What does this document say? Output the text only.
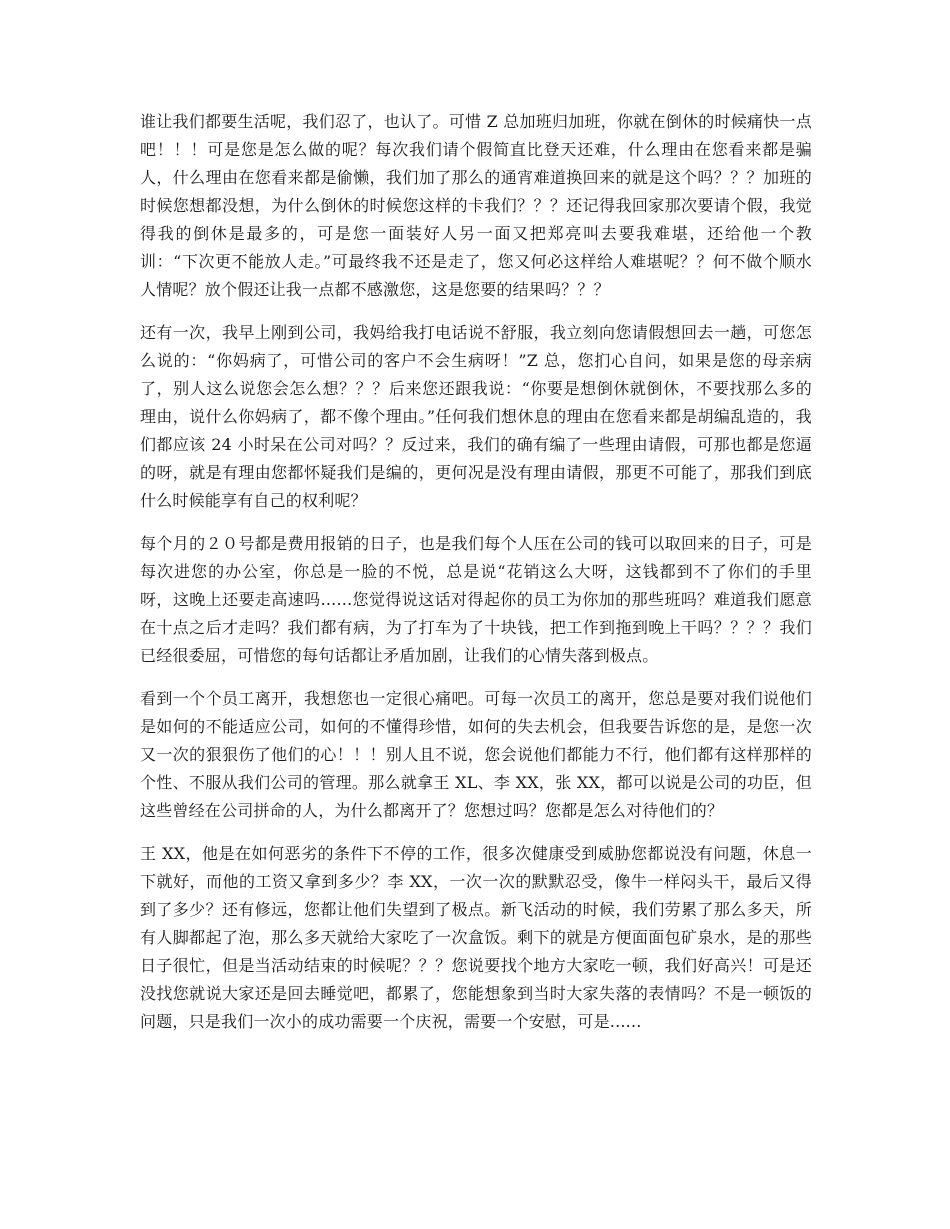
谁让我们都要生活呢，我们忍了，也认了。可惜 Z 总加班归加班，你就在倒休的时候痛快一点吧！！！可是您是怎么做的呢？每次我们请个假简直比登天还难，什么理由在您看来都是骗人，什么理由在您看来都是偷懒，我们加了那么的通宵难道换回来的就是这个吗？？？加班的时候您想都没想，为什么倒休的时候您这样的卡我们？？？还记得我回家那次要请个假，我觉得我的倒休是最多的，可是您一面装好人另一面又把郑亮叫去要我难堪，还给他一个教训：“下次更不能放人走。”可最终我不还是走了，您又何必这样给人难堪呢？？何不做个顺水人情呢？放个假还让我一点都不感激您，这是您要的结果吗？？？

还有一次，我早上刚到公司，我妈给我打电话说不舒服，我立刻向您请假想回去一趟，可您怎么说的：“你妈病了，可惜公司的客户不会生病呀！”Z 总，您扪心自问，如果是您的母亲病了，别人这么说您会怎么想？？？后来您还跟我说：“你要是想倒休就倒休，不要找那么多的理由，说什么你妈病了，都不像个理由。”任何我们想休息的理由在您看来都是胡编乱造的，我们都应该 24 小时呆在公司对吗？？反过来，我们的确有编了一些理由请假，可那也都是您逼的呀，就是有理由您都怀疑我们是编的，更何况是没有理由请假，那更不可能了，那我们到底什么时候能享有自己的权利呢？

每个月的２０号都是费用报销的日子，也是我们每个人压在公司的钱可以取回来的日子，可是每次进您的办公室，你总是一脸的不悦，总是说“花销这么大呀，这钱都到不了你们的手里呀，这晚上还要走高速吗......您觉得说这话对得起你的员工为你加的那些班吗？难道我们愿意在十点之后才走吗？我们都有病，为了打车为了十块钱，把工作到拖到晚上干吗？？？？我们已经很委屈，可惜您的每句话都让矛盾加剧，让我们的心情失落到极点。

看到一个个员工离开，我想您也一定很心痛吧。可每一次员工的离开，您总是要对我们说他们是如何的不能适应公司，如何的不懂得珍惜，如何的失去机会，但我要告诉您的是，是您一次又一次的狠狠伤了他们的心！！！别人且不说，您会说他们都能力不行，他们都有这样那样的个性、不服从我们公司的管理。那么就拿王 XL、李 XX，张 XX，都可以说是公司的功臣，但这些曾经在公司拼命的人，为什么都离开了？您想过吗？您都是怎么对待他们的？

王 XX，他是在如何恶劣的条件下不停的工作，很多次健康受到威胁您都说没有问题，休息一下就好，而他的工资又拿到多少？李 XX，一次一次的默默忍受，像牛一样闷头干，最后又得到了多少？还有修远，您都让他们失望到了极点。新飞活动的时候，我们劳累了那么多天，所有人脚都起了泡，那么多天就给大家吃了一次盒饭。剩下的就是方便面面包矿泉水，是的那些日子很忙，但是当活动结束的时候呢？？？您说要找个地方大家吃一顿，我们好高兴！可是还没找您就说大家还是回去睡觉吧，都累了，您能想象到当时大家失落的表情吗？不是一顿饭的问题，只是我们一次小的成功需要一个庆祝，需要一个安慰，可是......
